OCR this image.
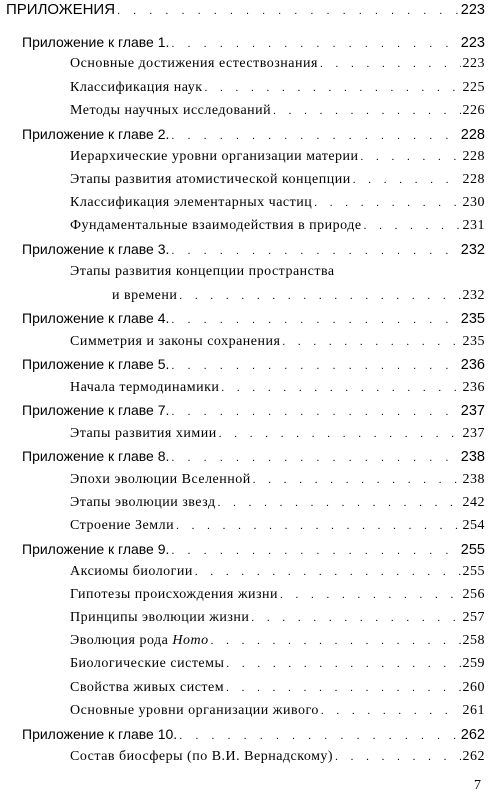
ПРИЛОЖЕНИЯ . . .	223
Приложение к главе 1. . . .	223
Основные достижения естествознания . . .	223
Классификация наук . . .	225
Методы научных исследований . . .	226
Приложение к главе 2. . . .	228
Иерархические уровни организации материи . . .	228
Этапы развития атомистической концепции . . .	228
Классификация элементарных частиц . . .	230
Фундаментальные взаимодействия в природе . . .	231
Приложение к главе 3. . . .	232
Этапы развития концепции пространства
и времени . . .	232
Приложение к главе 4. . . .	235
Симметрия и законы сохранения . . .	235
Приложение к главе 5. . . .	236
Начала термодинамики . . .	236
Приложение к главе 7. . . .	237
Этапы развития химии . . .	237
Приложение к главе 8. . . .	238
Эпохи эволюции Вселенной . . .	238
Этапы эволюции звезд . . .	242
Строение Земли . . .	254
Приложение к главе 9. . . .	255
Аксиомы биологии . . .	255
Гипотезы происхождения жизни . . .	256
Принципы эволюции жизни . . .	257
Эволюция рода Homo . . .	258
Биологические системы . . .	259
Свойства живых систем . . .	260
Основные уровни организации живого . . .	261
Приложение к главе 10. . . .	262
Состав биосферы (по В.И. Вернадскому) . . .	262
7
